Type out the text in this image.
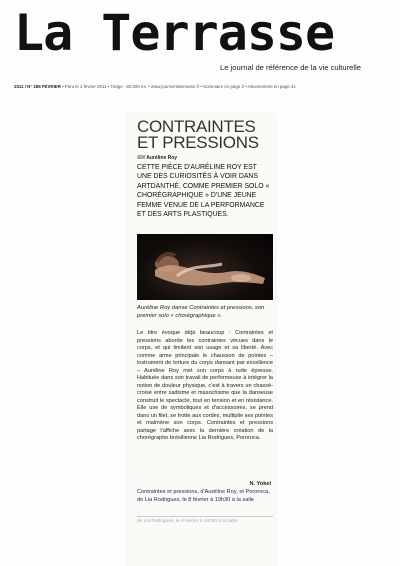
La Terrasse
Le journal de référence de la vie culturelle
2011 / N° 185 FÉVRIER • Paru le 3 février 2011 • Tirage : 80.000 ex. • www.journal-laterrasse.fr • Sommaire en page 2 • Abonnement en page 41
CONTRAINTES ET PRESSIONS
///////// Auréline Roy
CETTE PIÈCE D'AURÉLINE ROY EST UNE DES CURIOSITÉS À VOIR DANS ARTDANTHÉ, COMME PREMIER SOLO « CHORÉGRAPHIQUE » D'UNE JEUNE FEMME VENUE DE LA PERFORMANCE ET DES ARTS PLASTIQUES.
Auréline Roy danse Contraintes et pressions, son premier solo « chorégraphique ».
Le titre évoque déjà beaucoup : Contraintes et pressions aborde les contraintes vécues dans le corps, et qui limitent son usage et sa liberté. Avec comme arme principale le chausson de pointes – instrument de torture du corps dansant par excellence – Auréline Roy met son corps à rude épreuve. Habituée dans son travail de performeuse à intégrer la notion de douleur physique, c'est à travers un chassé-croisé entre sadisme et masochisme que la danseuse construit le spectacle, tout en tension et en résistance. Elle use de symboliques et d'accessoires, se prend dans un filet, se frotte aux cordes, multiplie ses pointes et malmène son corps. Contraintes et pressions partage l'affiche avec la dernière création de la chorégraphe brésilienne Lia Rodrigues, Pororoca.
N. Yokel
Contraintes et pressions, d'Auréline Roy, et Pororoca, de Lia Rodrigues, le 8 février à 19h30 à la salle
de Lia Rodrigues, le 8 février à 19h30 à la salle
